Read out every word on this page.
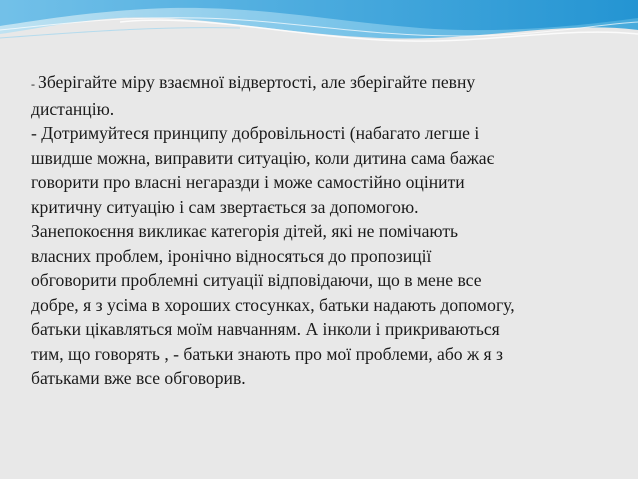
- Зберігайте міру взаємної відвертості, але зберігайте певну
дистанцію.
- Дотримуйтеся принципу добровільності (набагато легше і
швидше можна, виправити ситуацію, коли дитина сама бажає
говорити про власні негаразди і може самостійно оцінити
критичну ситуацію і сам звертається за допомогою.
Занепокоєння викликає категорія дітей, які не помічають
власних проблем, іронічно відносяться до пропозиції
обговорити проблемні ситуації відповідаючи, що в мене все
добре, я з усіма в хороших стосунках, батьки надають допомогу,
батьки цікавляться моїм навчанням. А інколи і прикриваються
тим, що говорять , - батьки знають про мої проблеми, або ж я з
батьками вже все обговорив.
